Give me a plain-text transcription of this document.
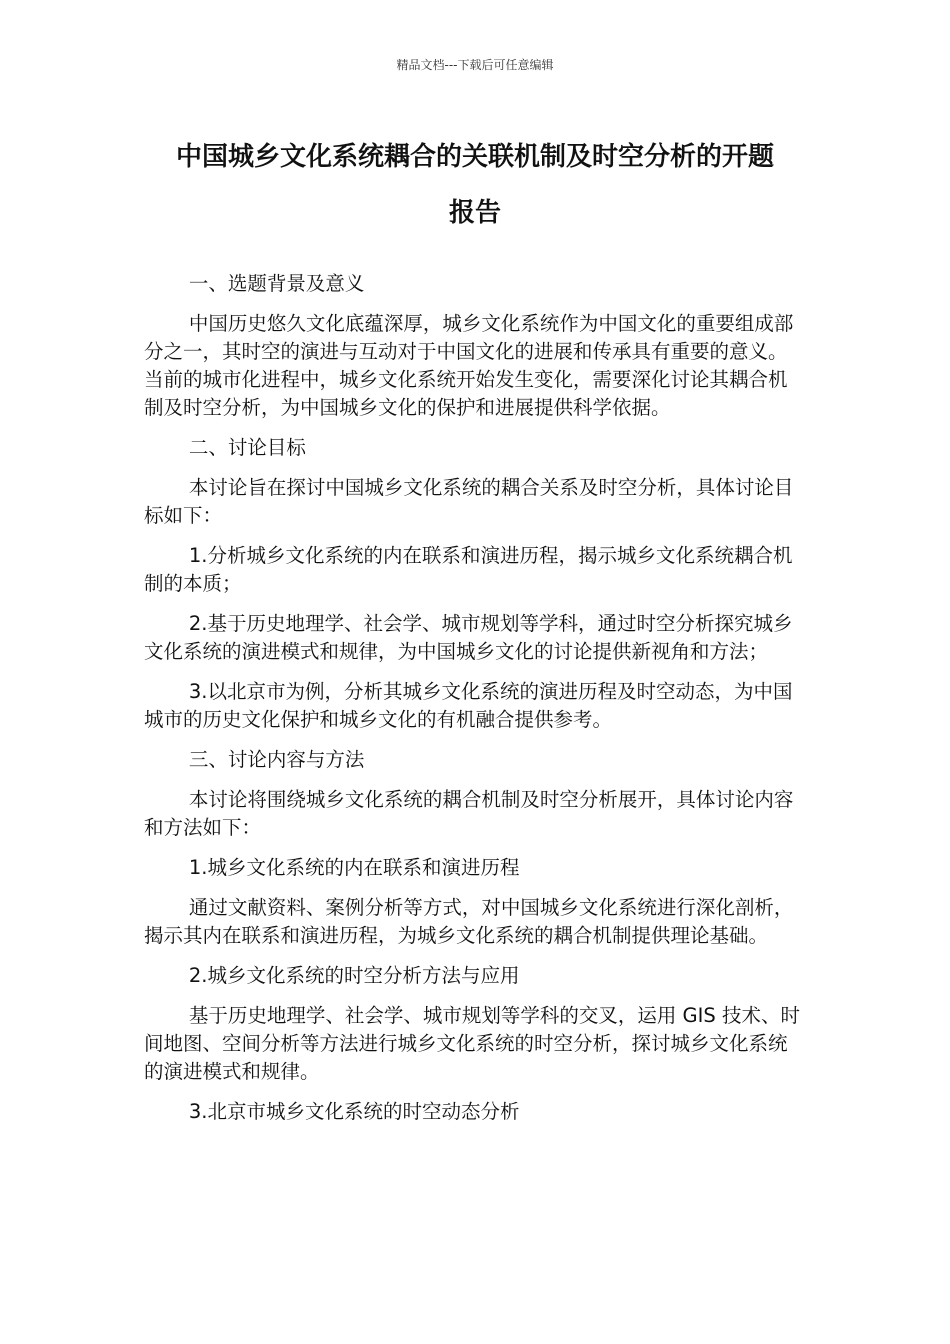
精品文档---下载后可任意编辑
中国城乡文化系统耦合的关联机制及时空分析的开题
报告

一、选题背景及意义

中国历史悠久文化底蕴深厚，城乡文化系统作为中国文化的重要组成部分之一，其时空的演进与互动对于中国文化的进展和传承具有重要的意义。当前的城市化进程中，城乡文化系统开始发生变化，需要深化讨论其耦合机制及时空分析，为中国城乡文化的保护和进展提供科学依据。

二、讨论目标

本讨论旨在探讨中国城乡文化系统的耦合关系及时空分析，具体讨论目标如下：

1.分析城乡文化系统的内在联系和演进历程，揭示城乡文化系统耦合机制的本质；

2.基于历史地理学、社会学、城市规划等学科，通过时空分析探究城乡文化系统的演进模式和规律，为中国城乡文化的讨论提供新视角和方法；

3.以北京市为例，分析其城乡文化系统的演进历程及时空动态，为中国城市的历史文化保护和城乡文化的有机融合提供参考。

三、讨论内容与方法

本讨论将围绕城乡文化系统的耦合机制及时空分析展开，具体讨论内容和方法如下：

1.城乡文化系统的内在联系和演进历程

通过文献资料、案例分析等方式，对中国城乡文化系统进行深化剖析，揭示其内在联系和演进历程，为城乡文化系统的耦合机制提供理论基础。

2.城乡文化系统的时空分析方法与应用

基于历史地理学、社会学、城市规划等学科的交叉，运用 GIS 技术、时间地图、空间分析等方法进行城乡文化系统的时空分析，探讨城乡文化系统的演进模式和规律。

3.北京市城乡文化系统的时空动态分析
